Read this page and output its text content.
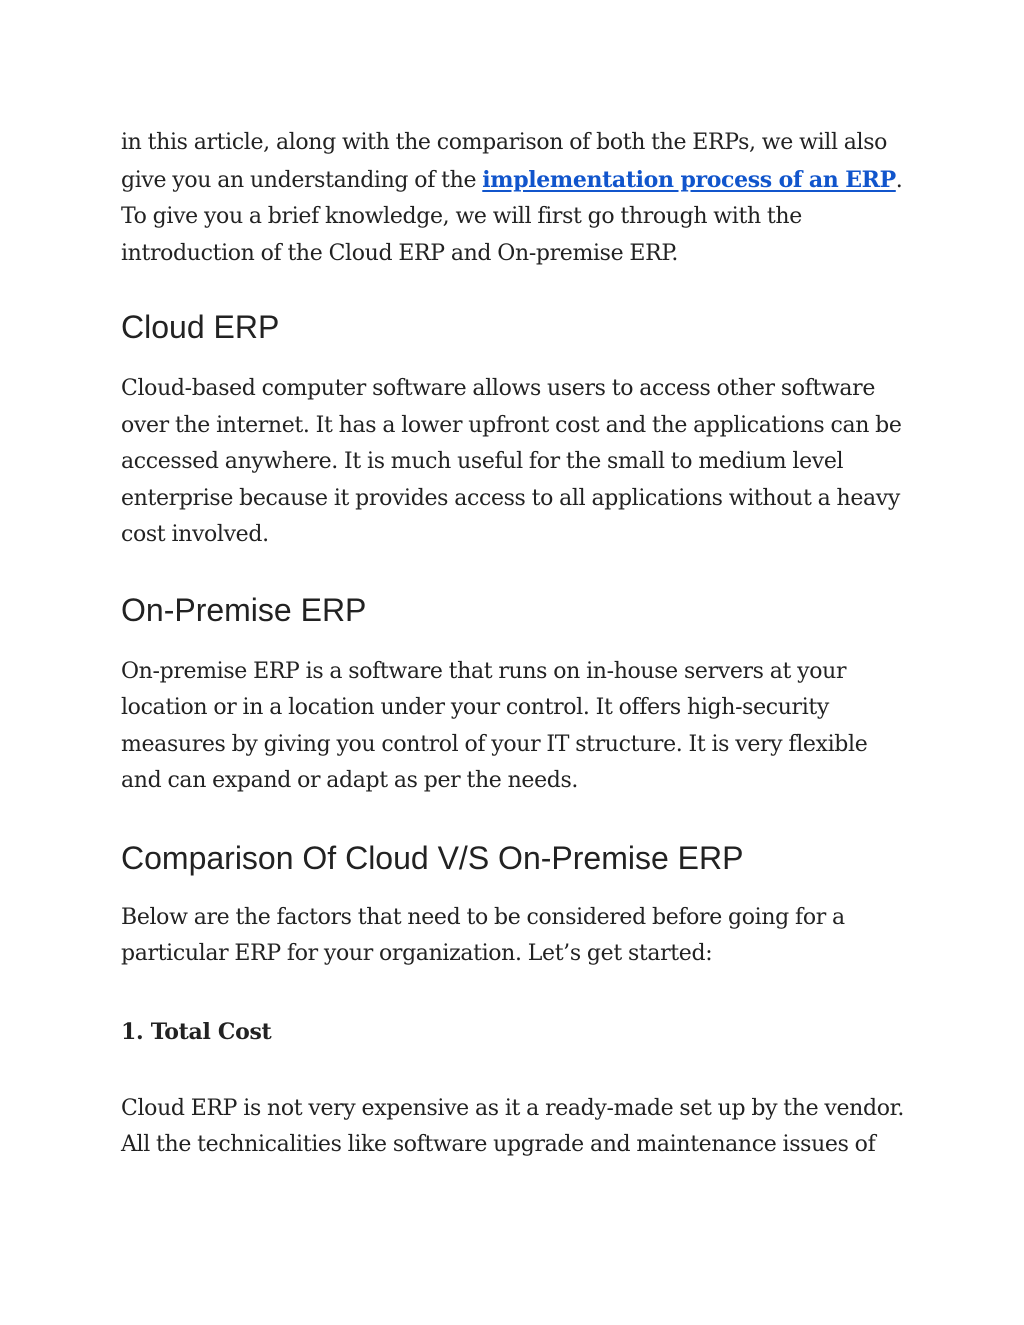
in this article, along with the comparison of both the ERPs, we will also give you an understanding of the implementation process of an ERP. To give you a brief knowledge, we will first go through with the introduction of the Cloud ERP and On-premise ERP.

Cloud ERP

Cloud-based computer software allows users to access other software over the internet. It has a lower upfront cost and the applications can be accessed anywhere. It is much useful for the small to medium level enterprise because it provides access to all applications without a heavy cost involved.

On-Premise ERP

On-premise ERP is a software that runs on in-house servers at your location or in a location under your control. It offers high-security measures by giving you control of your IT structure. It is very flexible and can expand or adapt as per the needs.

Comparison Of Cloud V/S On-Premise ERP

Below are the factors that need to be considered before going for a particular ERP for your organization. Let’s get started:

1. Total Cost

Cloud ERP is not very expensive as it a ready-made set up by the vendor. All the technicalities like software upgrade and maintenance issues of
